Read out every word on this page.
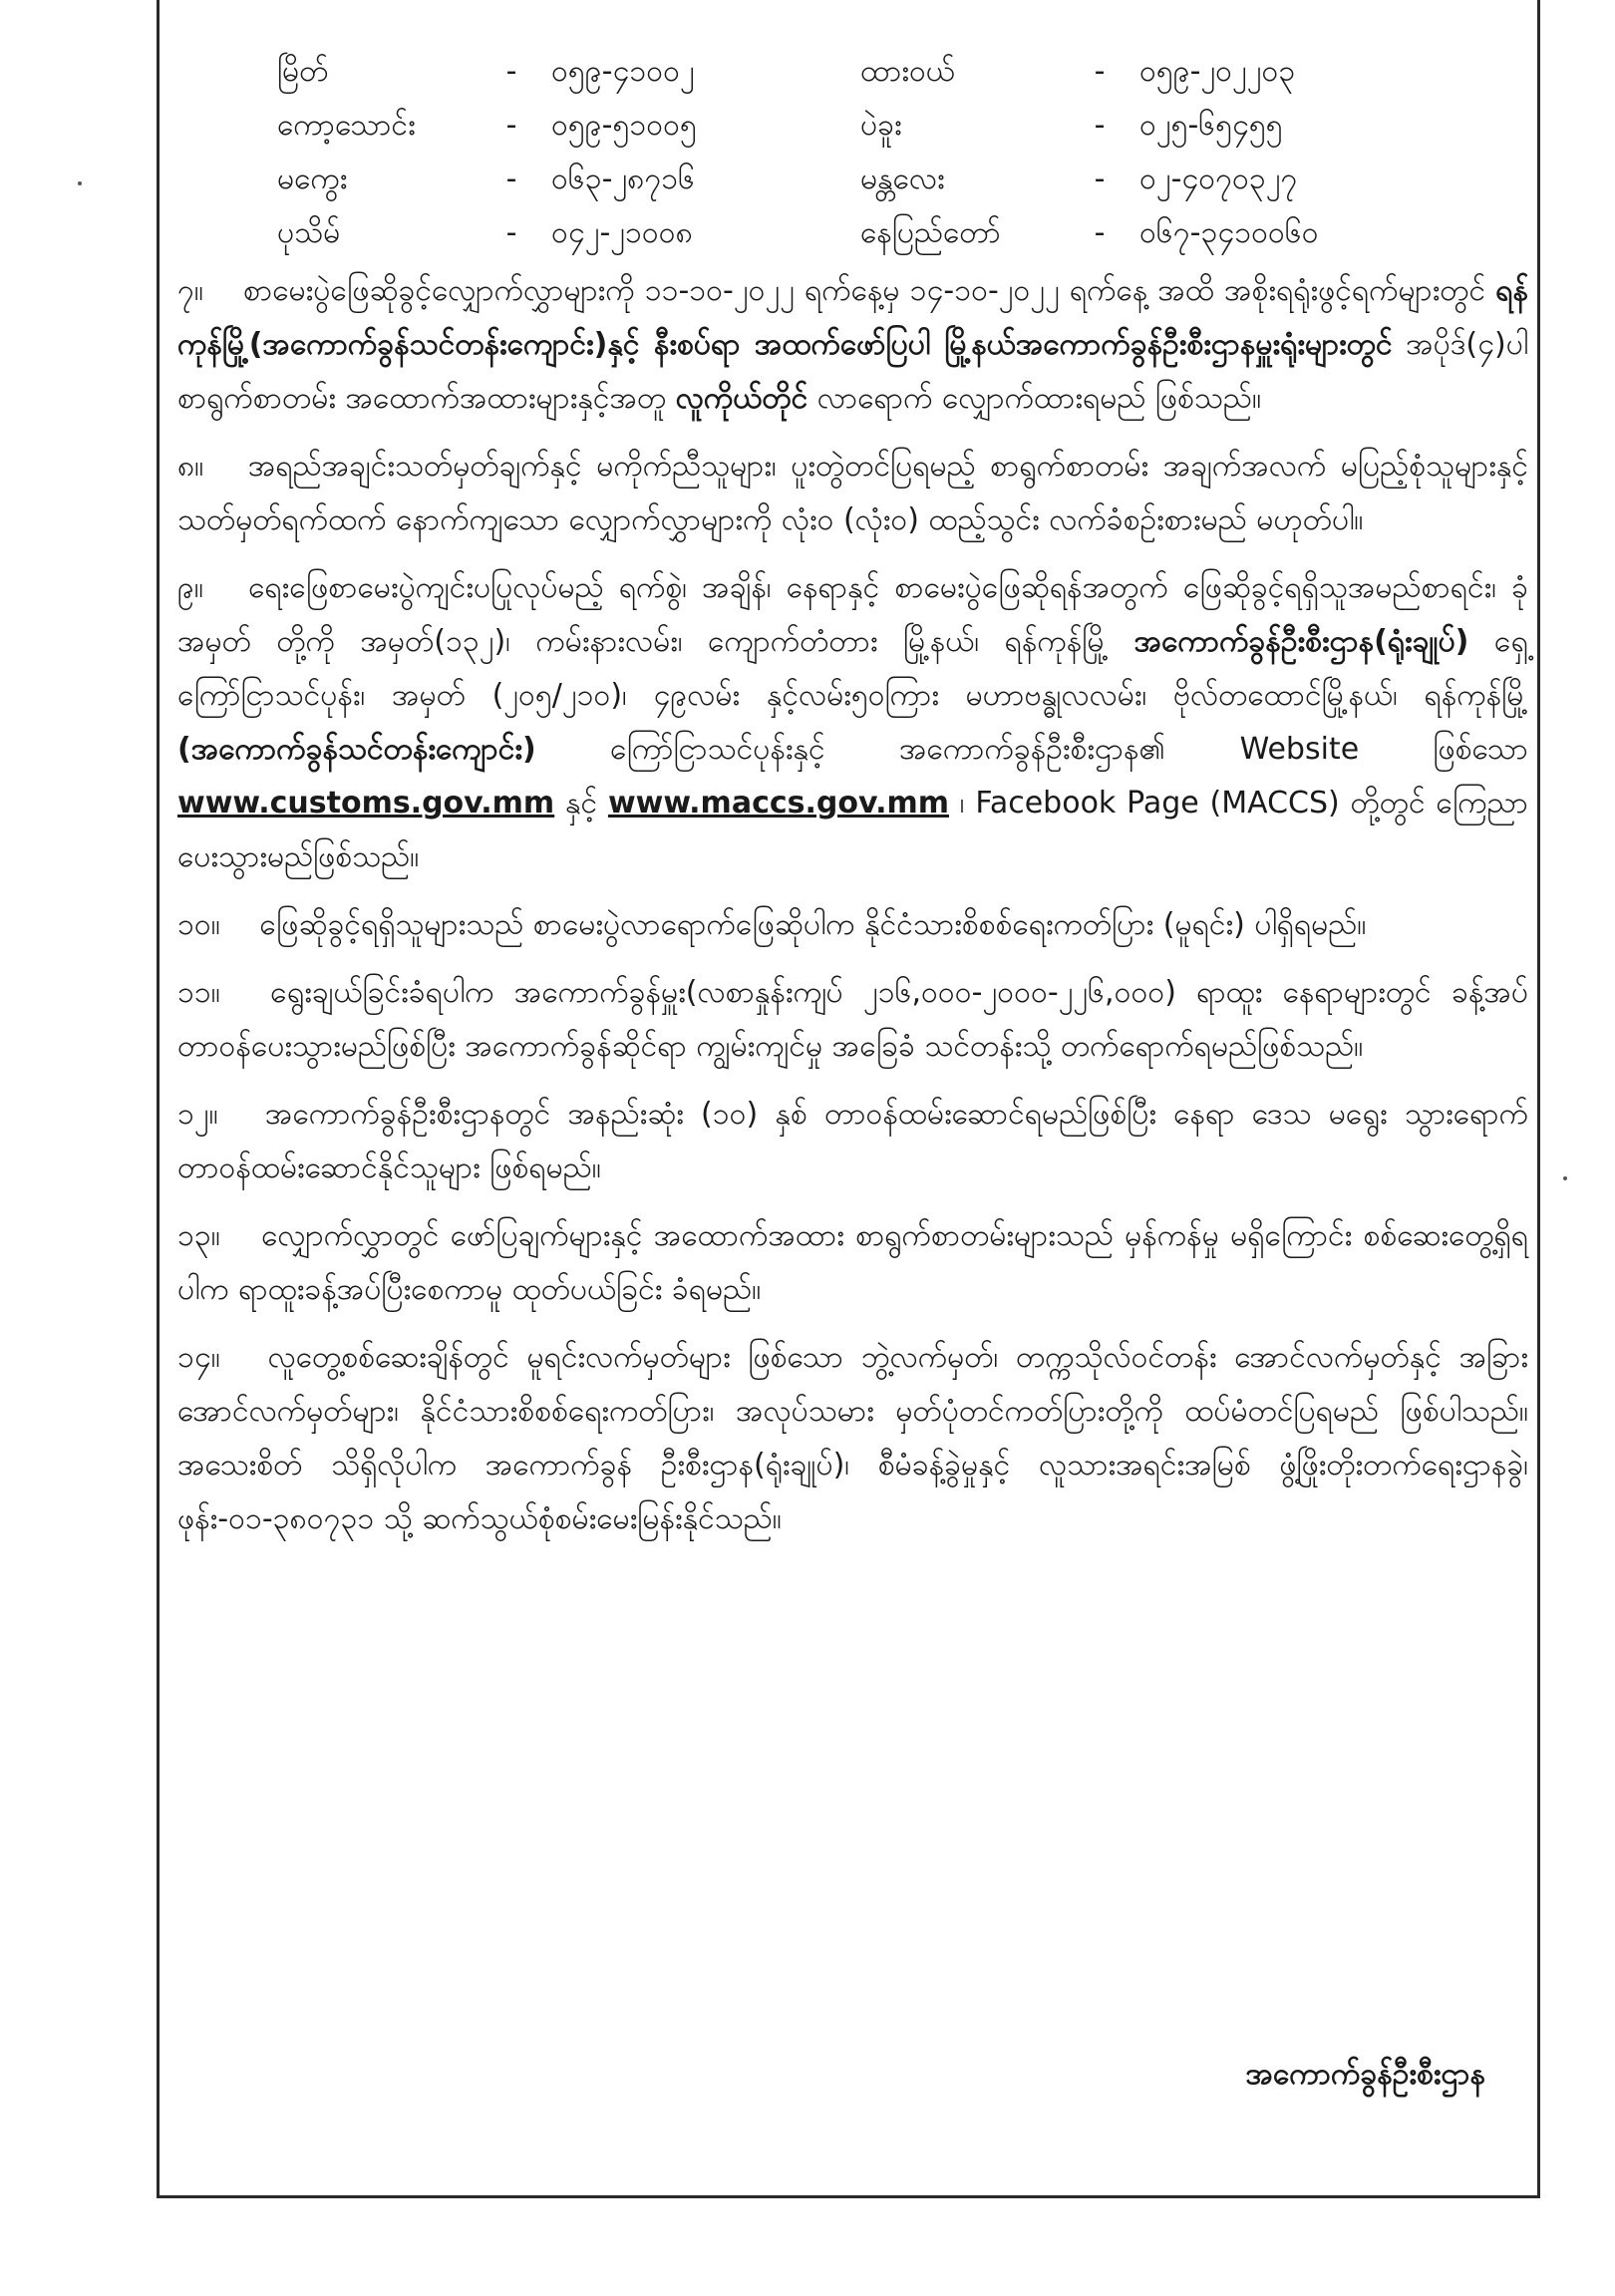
မြိတ်	-	၀၅၉-၄၁၀၀၂	ထားဝယ်	-	၀၅၉-၂၀၂၂၀၃
ကော့သောင်း	-	၀၅၉-၅၁၀၀၅	ပဲခူး	-	၀၂၅-၆၅၄၅၅
မကွေး	-	၀၆၃-၂၈၇၁၆	မန္တလေး	-	၀၂-၄၀၇၀၃၂၇
ပုသိမ်	-	၀၄၂-၂၁၀၀၈	နေပြည်တော်	-	၀၆၇-၃၄၁၀၀၆၀

၇။ စာမေးပွဲဖြေဆိုခွင့်လျှောက်လွှာများကို ၁၁-၁၀-၂၀၂၂ ရက်နေ့မှ ၁၄-၁၀-၂၀၂၂ ရက်နေ့ အထိ အစိုးရရုံးဖွင့်ရက်များတွင် ရန်ကုန်မြို့(အကောက်ခွန်သင်တန်းကျောင်း)နှင့် နီးစပ်ရာ အထက်ဖော်ပြပါ မြို့နယ်အကောက်ခွန်ဦးစီးဌာနမှူးရုံးများတွင် အပိုဒ်(၄)ပါ စာရွက်စာတမ်း အထောက်အထားများနှင့်အတူ လူကိုယ်တိုင် လာရောက် လျှောက်ထားရမည် ဖြစ်သည်။

၈။ အရည်အချင်းသတ်မှတ်ချက်နှင့် မကိုက်ညီသူများ၊ ပူးတွဲတင်ပြရမည့် စာရွက်စာတမ်း အချက်အလက် မပြည့်စုံသူများနှင့် သတ်မှတ်ရက်ထက် နောက်ကျသော လျှောက်လွှာများကို လုံးဝ (လုံးဝ) ထည့်သွင်း လက်ခံစဉ်းစားမည် မဟုတ်ပါ။

၉။ ရေးဖြေစာမေးပွဲကျင်းပပြုလုပ်မည့် ရက်စွဲ၊ အချိန်၊ နေရာနှင့် စာမေးပွဲဖြေဆိုရန်အတွက် ဖြေဆိုခွင့်ရရှိသူအမည်စာရင်း၊ ခုံအမှတ် တို့ကို အမှတ်(၁၃၂)၊ ကမ်းနားလမ်း၊ ကျောက်တံတား မြို့နယ်၊ ရန်ကုန်မြို့ အကောက်ခွန်ဦးစီးဌာန(ရုံးချုပ်) ရှေ့ ကြော်ငြာသင်ပုန်း၊ အမှတ် (၂၀၅/၂၁၀)၊ ၄၉လမ်း နှင့်လမ်း၅၀ကြား မဟာဗန္ဓုလလမ်း၊ ဗိုလ်တထောင်မြို့နယ်၊ ရန်ကုန်မြို့ (အကောက်ခွန်သင်တန်းကျောင်း) ကြော်ငြာသင်ပုန်းနှင့် အကောက်ခွန်ဦးစီးဌာန၏ Website ဖြစ်သော www.customs.gov.mm နှင့် www.maccs.gov.mm ၊ Facebook Page (MACCS) တို့တွင် ကြေညာပေးသွားမည်ဖြစ်သည်။

၁၀။ ဖြေဆိုခွင့်ရရှိသူများသည် စာမေးပွဲလာရောက်ဖြေဆိုပါက နိုင်ငံသားစိစစ်ရေးကတ်ပြား (မူရင်း) ပါရှိရမည်။

၁၁။ ရွေးချယ်ခြင်းခံရပါက အကောက်ခွန်မှူး(လစာနှုန်းကျပ် ၂၁၆,၀၀၀-၂၀၀၀-၂၂၆,၀၀၀) ရာထူး နေရာများတွင် ခန့်အပ်တာဝန်ပေးသွားမည်ဖြစ်ပြီး အကောက်ခွန်ဆိုင်ရာ ကျွမ်းကျင်မှု အခြေခံ သင်တန်းသို့ တက်ရောက်ရမည်ဖြစ်သည်။

၁၂။ အကောက်ခွန်ဦးစီးဌာနတွင် အနည်းဆုံး (၁၀) နှစ် တာဝန်ထမ်းဆောင်ရမည်ဖြစ်ပြီး နေရာ ဒေသ မရွေး သွားရောက်တာဝန်ထမ်းဆောင်နိုင်သူများ ဖြစ်ရမည်။

၁၃။ လျှောက်လွှာတွင် ဖော်ပြချက်များနှင့် အထောက်အထား စာရွက်စာတမ်းများသည် မှန်ကန်မှု မရှိကြောင်း စစ်ဆေးတွေ့ရှိရပါက ရာထူးခန့်အပ်ပြီးစေကာမူ ထုတ်ပယ်ခြင်း ခံရမည်။

၁၄။ လူတွေ့စစ်ဆေးချိန်တွင် မူရင်းလက်မှတ်များ ဖြစ်သော ဘွဲ့လက်မှတ်၊ တက္ကသိုလ်ဝင်တန်း အောင်လက်မှတ်နှင့် အခြားအောင်လက်မှတ်များ၊ နိုင်ငံသားစိစစ်ရေးကတ်ပြား၊ အလုပ်သမား မှတ်ပုံတင်ကတ်ပြားတို့ကို ထပ်မံတင်ပြရမည် ဖြစ်ပါသည်။ အသေးစိတ် သိရှိလိုပါက အကောက်ခွန် ဦးစီးဌာန(ရုံးချုပ်)၊ စီမံခန့်ခွဲမှုနှင့် လူသားအရင်းအမြစ် ဖွံ့ဖြိုးတိုးတက်ရေးဌာနခွဲ၊ ဖုန်း-၀၁-၃၈၀၇၃၁ သို့ ဆက်သွယ်စုံစမ်းမေးမြန်းနိုင်သည်။

အကောက်ခွန်ဦးစီးဌာန
